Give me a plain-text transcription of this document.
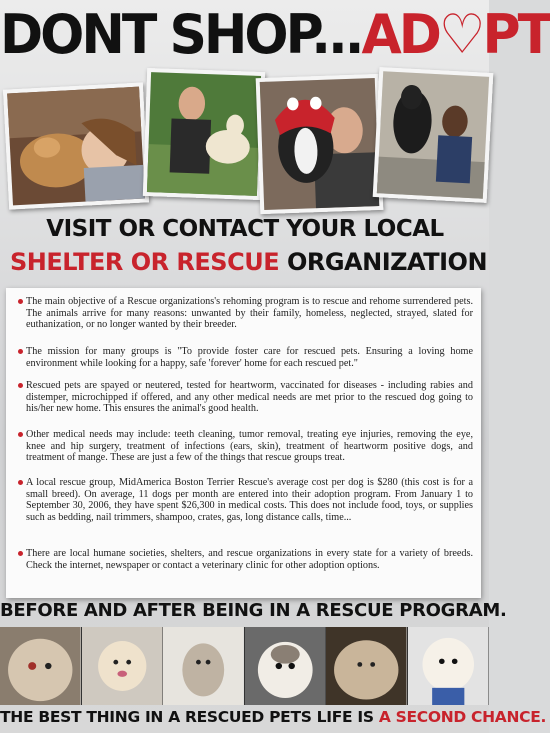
DONT SHOP...AD♡PT
VISIT OR CONTACT YOUR LOCAL
SHELTER OR RESCUE ORGANIZATION
The main objective of a Rescue organizations's rehoming program is to rescue and rehome surrendered pets. The animals arrive for many reasons: unwanted by their family, homeless, neglected, strayed, slated for euthanization, or no longer wanted by their breeder.
The mission for many groups is "To provide foster care for rescued pets. Ensuring a loving home environment while looking for a happy, safe 'forever' home for each rescued pet."
Rescued pets are spayed or neutered, tested for heartworm, vaccinated for diseases - including rabies and distemper, microchipped if offered, and any other medical needs are met prior to the rescued dog going to his/her new home. This ensures the animal's good health.
Other medical needs may include: teeth cleaning, tumor removal, treating eye injuries, removing the eye, knee and hip surgery, treatment of infections (ears, skin), treatment of heartworm positive dogs, and treatment of mange. These are just a few of the things that rescue groups treat.
A local rescue group, MidAmerica Boston Terrier Rescue's average cost per dog is $280 (this cost is for a small breed). On average, 11 dogs per month are entered into their adoption program. From January 1 to September 30, 2006, they have spent $26,300 in medical costs. This does not include food, toys, or supplies such as bedding, nail trimmers, shampoo, crates, gas, long distance calls, time...
There are local humane societies, shelters, and rescue organizations in every state for a variety of breeds. Check the internet, newspaper or contact a veterinary clinic for other adoption options.
BEFORE AND AFTER BEING IN A RESCUE PROGRAM.
THE BEST THING IN A RESCUED PETS LIFE IS A SECOND CHANCE.
